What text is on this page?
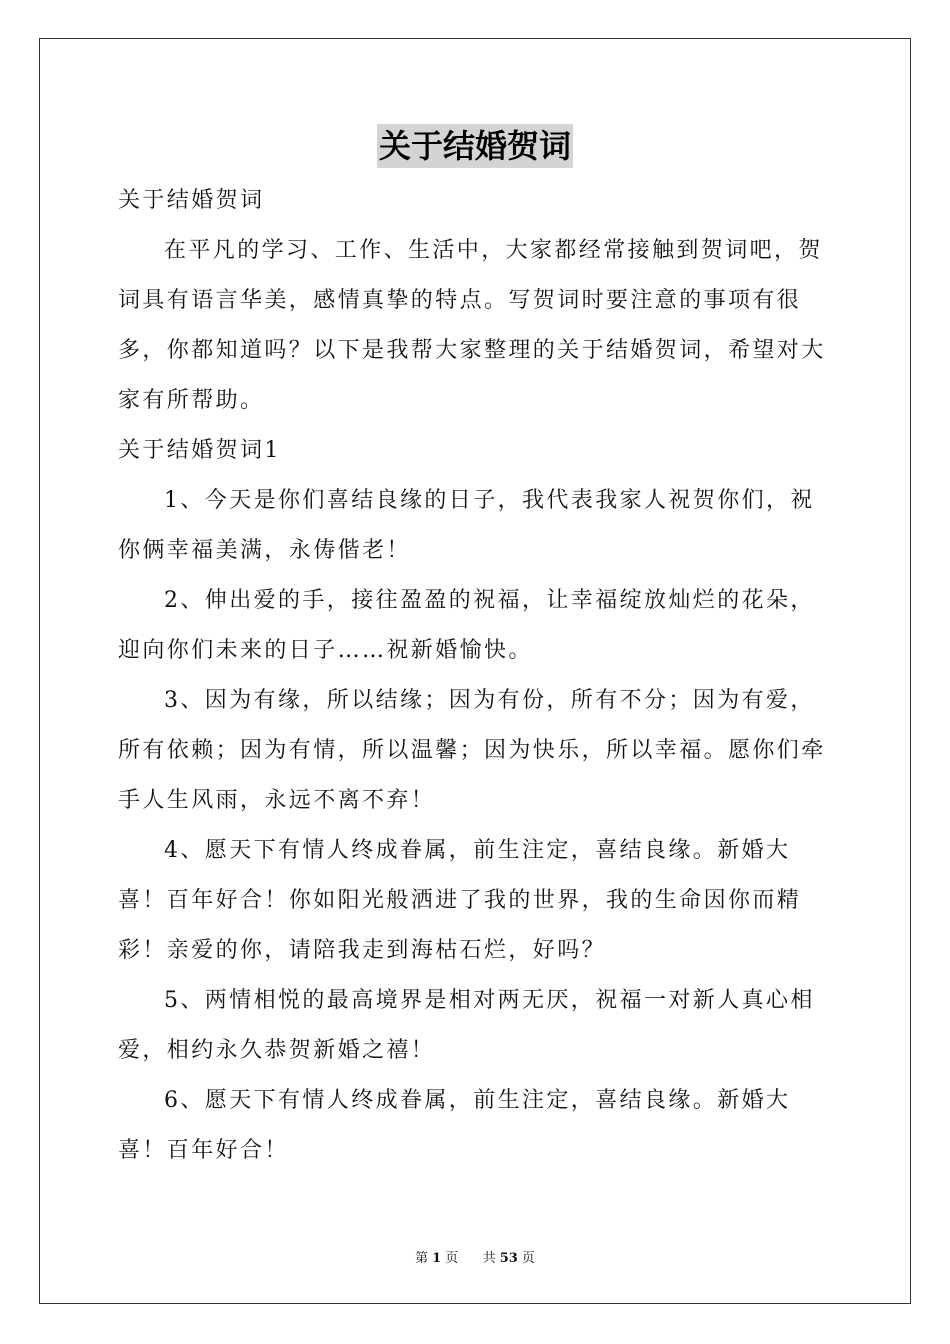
关于结婚贺词

关于结婚贺词

在平凡的学习、工作、生活中，大家都经常接触到贺词吧，贺词具有语言华美，感情真挚的特点。写贺词时要注意的事项有很多，你都知道吗？以下是我帮大家整理的关于结婚贺词，希望对大家有所帮助。

关于结婚贺词1

1、今天是你们喜结良缘的日子，我代表我家人祝贺你们，祝你俩幸福美满，永俦偕老！

2、伸出爱的手，接往盈盈的祝福，让幸福绽放灿烂的花朵，迎向你们未来的日子……祝新婚愉快。

3、因为有缘，所以结缘；因为有份，所有不分；因为有爱，所有依赖；因为有情，所以温馨；因为快乐，所以幸福。愿你们牵手人生风雨，永远不离不弃！

4、愿天下有情人终成眷属，前生注定，喜结良缘。新婚大喜！百年好合！你如阳光般洒进了我的世界，我的生命因你而精彩！亲爱的你，请陪我走到海枯石烂，好吗？

5、两情相悦的最高境界是相对两无厌，祝福一对新人真心相爱，相约永久恭贺新婚之禧！

6、愿天下有情人终成眷属，前生注定，喜结良缘。新婚大喜！百年好合！

第 1 页 共 53 页
